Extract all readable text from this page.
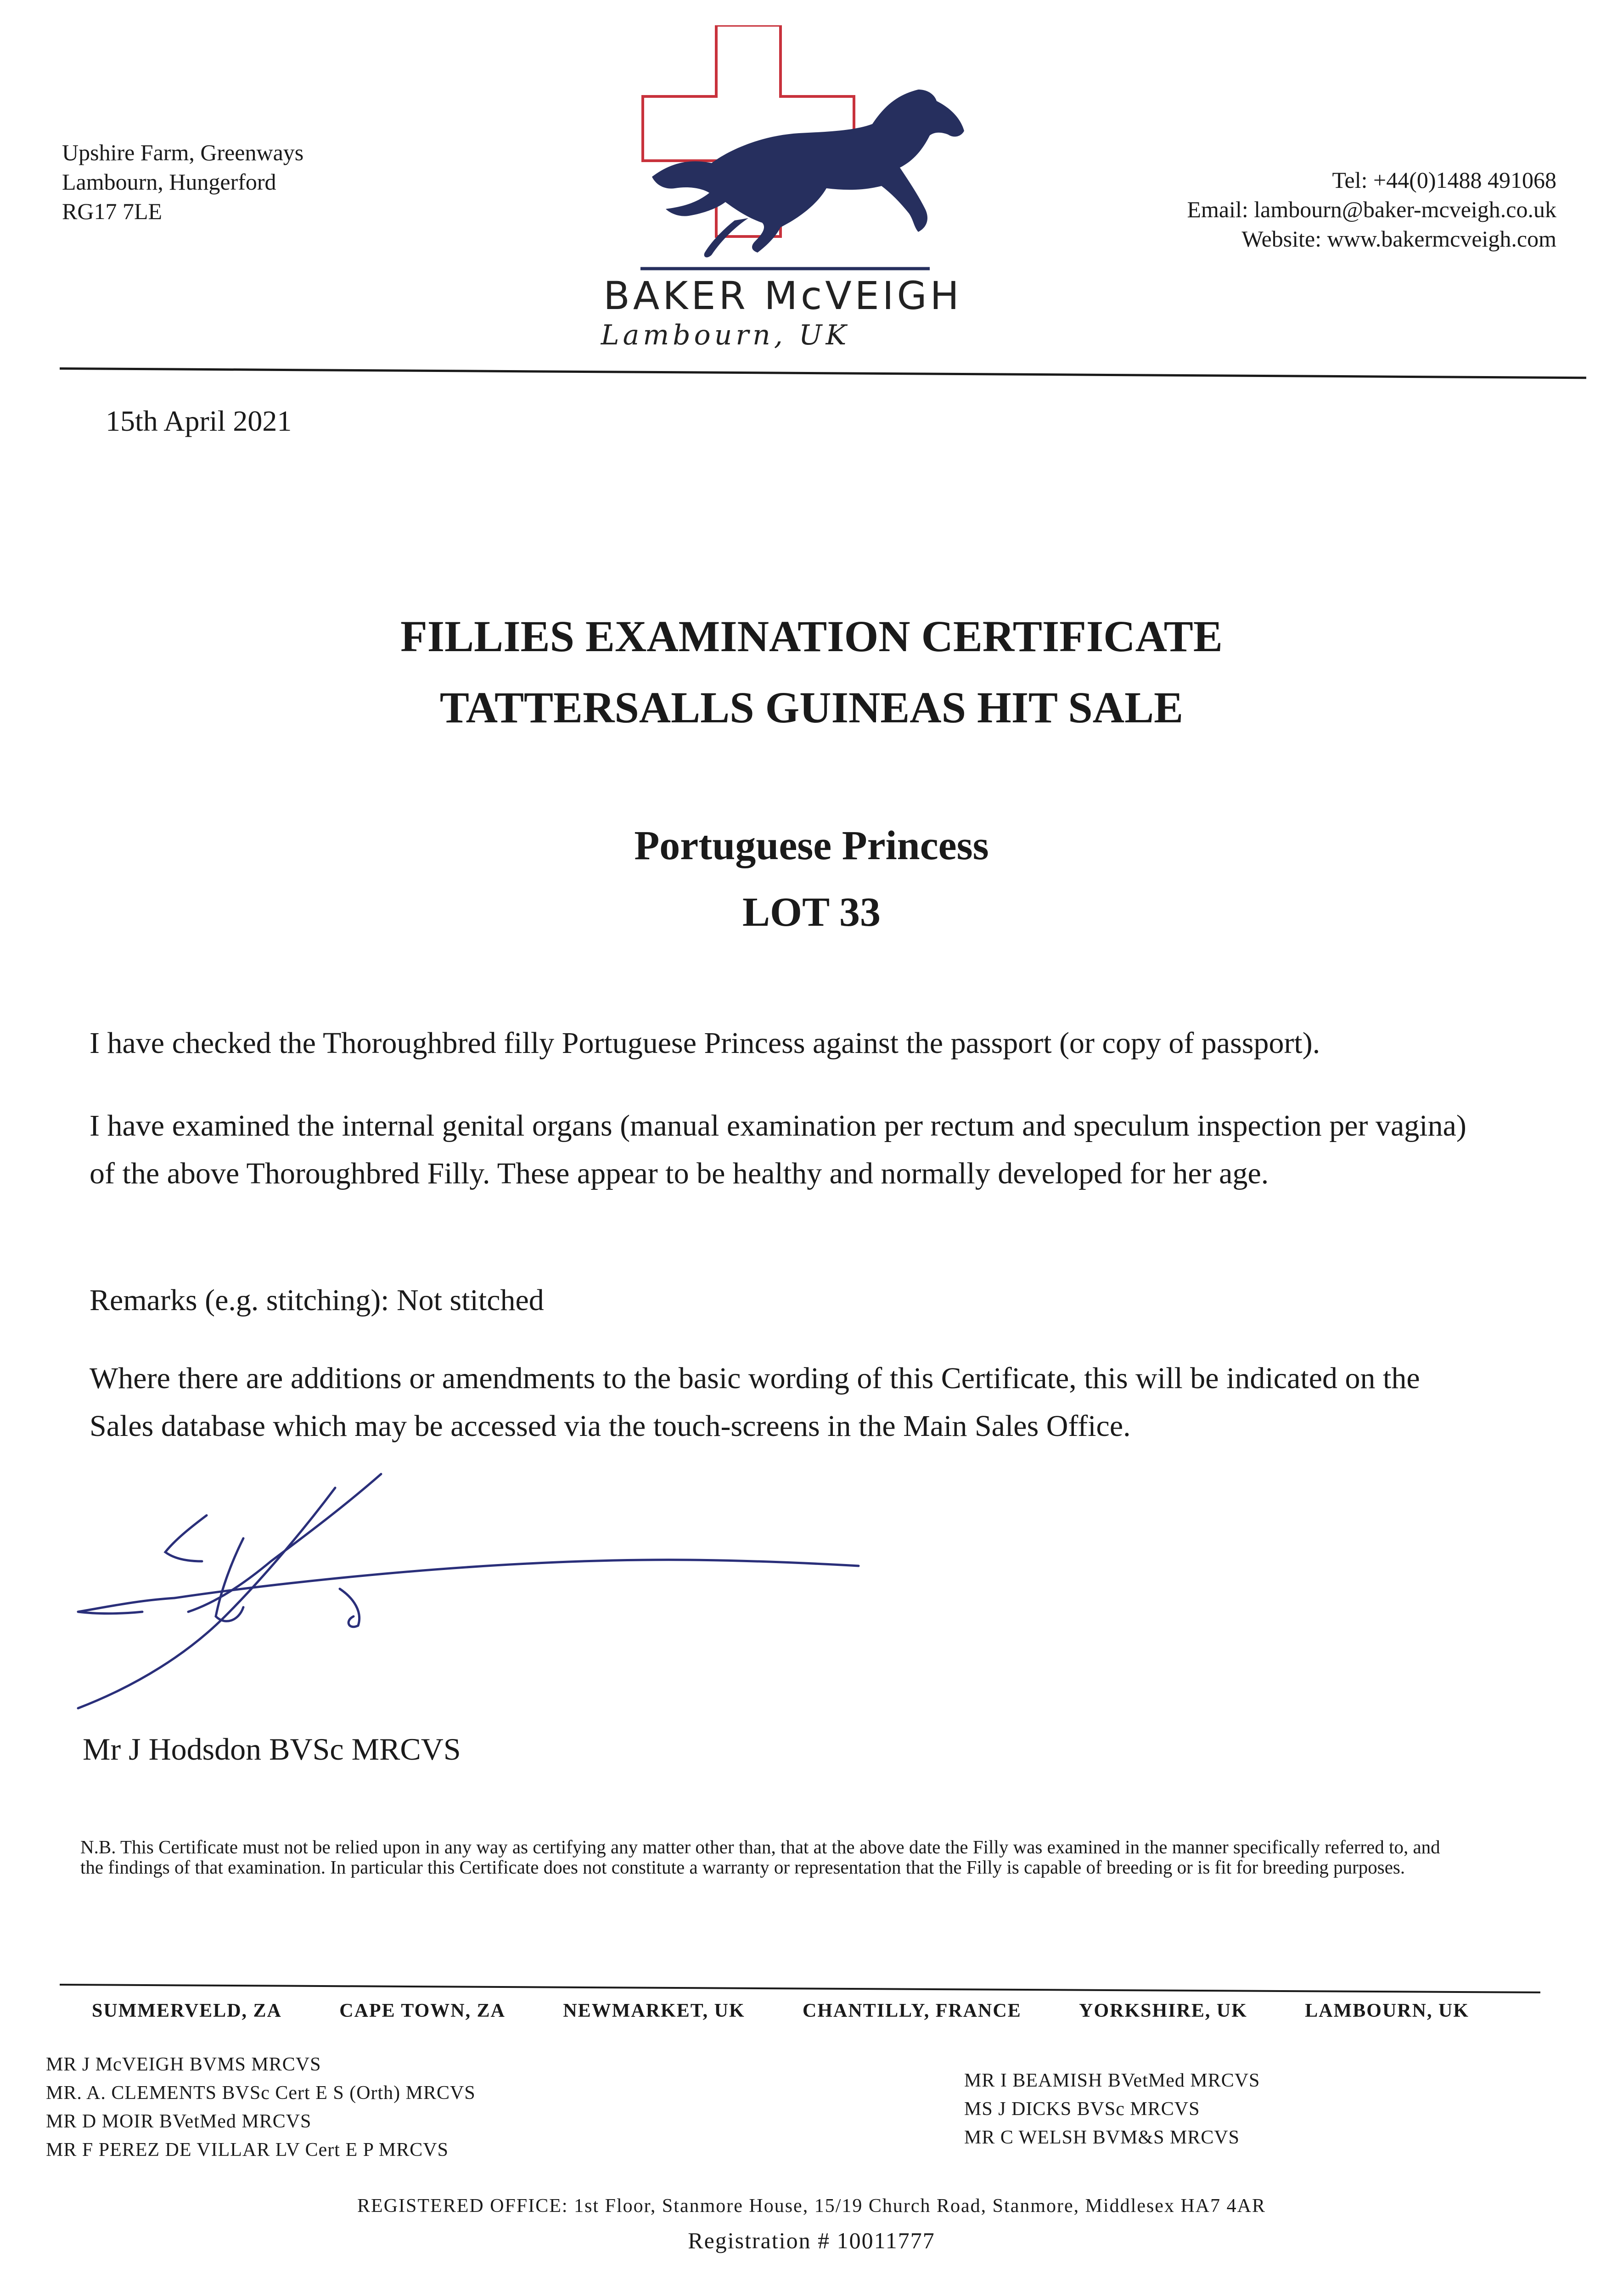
Upshire Farm, Greenways
Lambourn, Hungerford
RG17 7LE
BAKER McVEIGH
Lambourn, UK
Tel: +44(0)1488 491068
Email: lambourn@baker-mcveigh.co.uk
Website: www.bakermcveigh.com
15th April 2021
FILLIES EXAMINATION CERTIFICATE
TATTERSALLS GUINEAS HIT SALE
Portuguese Princess
LOT 33
I have checked the Thoroughbred filly Portuguese Princess against the passport (or copy of passport).
I have examined the internal genital organs (manual examination per rectum and speculum inspection per vagina) of the above Thoroughbred Filly. These appear to be healthy and normally developed for her age.
Remarks (e.g. stitching): Not stitched
Where there are additions or amendments to the basic wording of this Certificate, this will be indicated on the Sales database which may be accessed via the touch-screens in the Main Sales Office.
Mr J Hodsdon BVSc MRCVS
N.B. This Certificate must not be relied upon in any way as certifying any matter other than, that at the above date the Filly was examined in the manner specifically referred to, and the findings of that examination. In particular this Certificate does not constitute a warranty or representation that the Filly is capable of breeding or is fit for breeding purposes.
SUMMERVELD, ZA	CAPE TOWN, ZA	NEWMARKET, UK	CHANTILLY, FRANCE	YORKSHIRE, UK	LAMBOURN, UK
MR J McVEIGH BVMS MRCVS
MR. A. CLEMENTS BVSc Cert E S (Orth) MRCVS
MR D MOIR BVetMed MRCVS
MR F PEREZ DE VILLAR LV Cert E P MRCVS
MR I BEAMISH BVetMed MRCVS
MS J DICKS BVSc MRCVS
MR C WELSH BVM&S MRCVS
REGISTERED OFFICE: 1st Floor, Stanmore House, 15/19 Church Road, Stanmore, Middlesex HA7 4AR
Registration # 10011777
